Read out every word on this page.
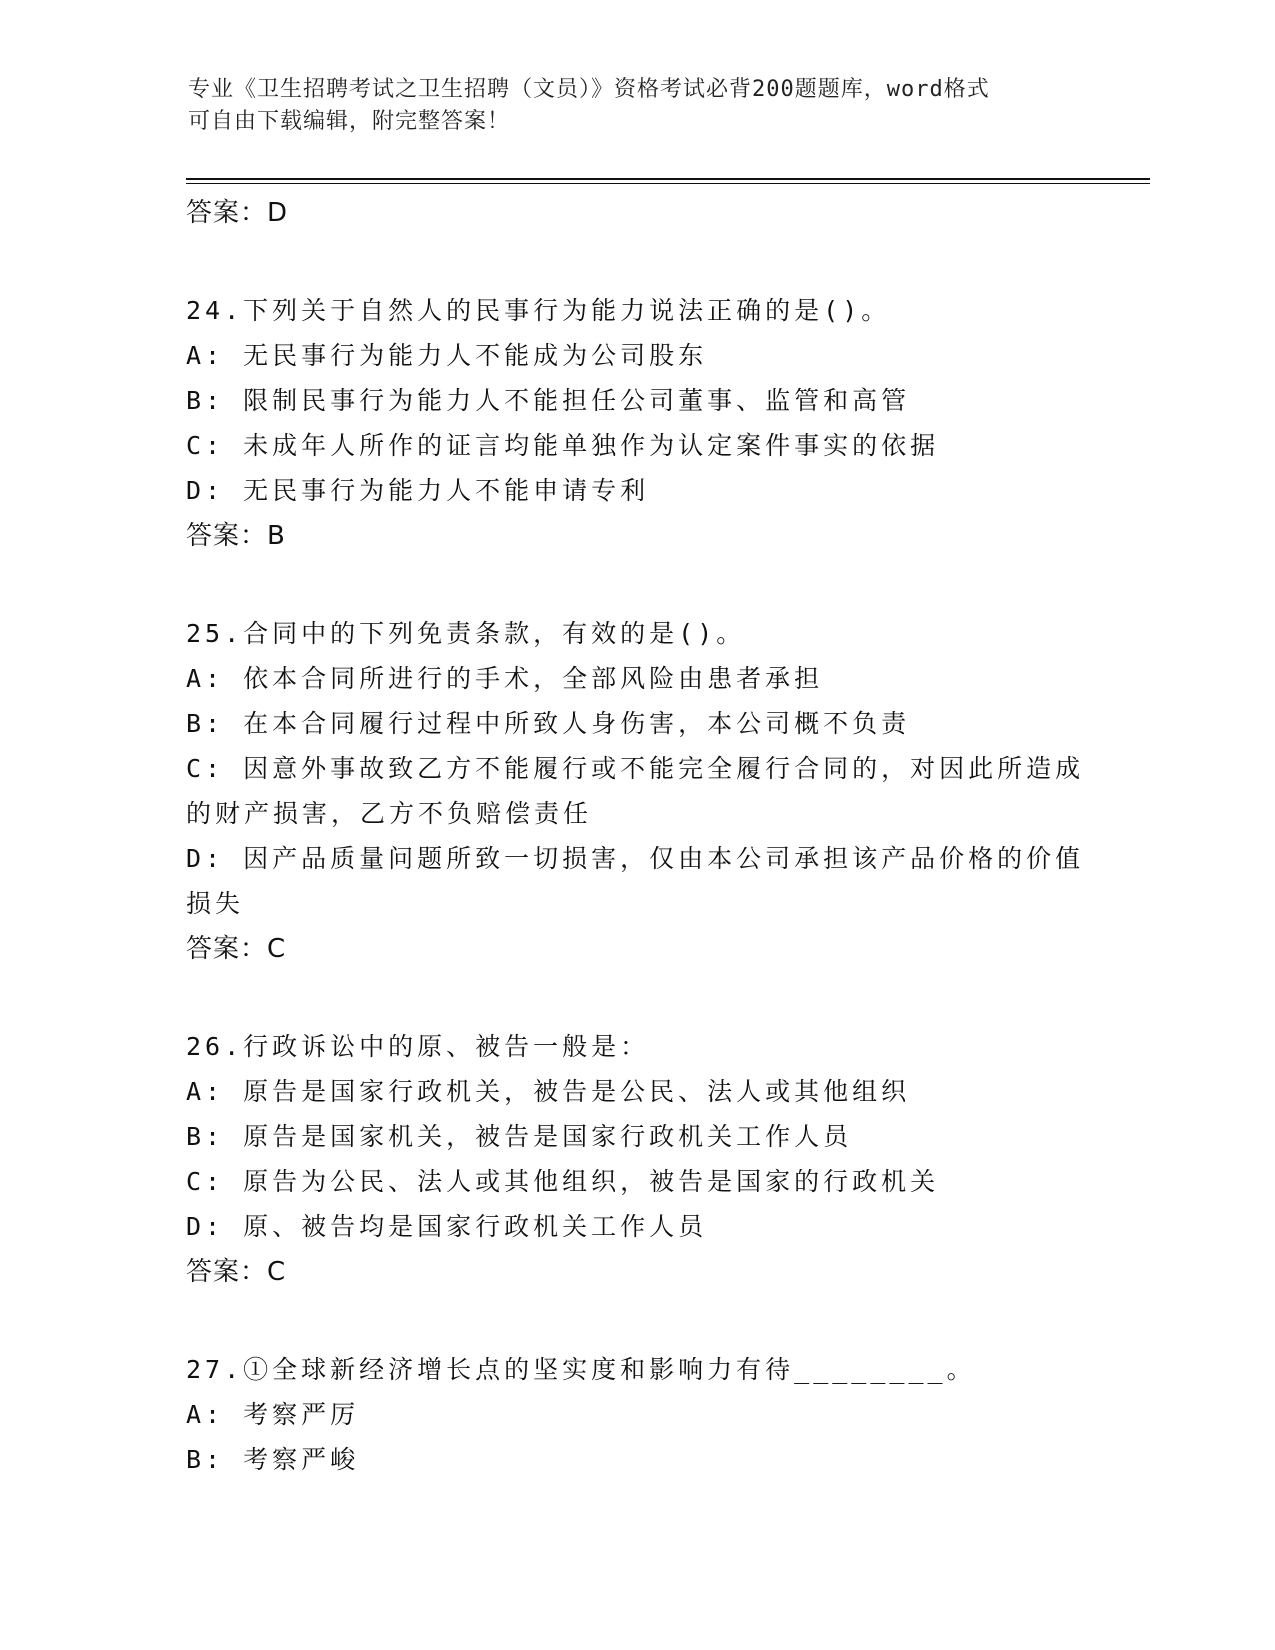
专业《卫生招聘考试之卫生招聘（文员）》资格考试必背200题题库，word格式
可自由下载编辑，附完整答案！
答案：D
24.下列关于自然人的民事行为能力说法正确的是()。
A: 无民事行为能力人不能成为公司股东
B: 限制民事行为能力人不能担任公司董事、监管和高管
C: 未成年人所作的证言均能单独作为认定案件事实的依据
D: 无民事行为能力人不能申请专利
答案：B
25.合同中的下列免责条款，有效的是()。
A: 依本合同所进行的手术，全部风险由患者承担
B: 在本合同履行过程中所致人身伤害，本公司概不负责
C: 因意外事故致乙方不能履行或不能完全履行合同的，对因此所造成的财产损害，乙方不负赔偿责任
D: 因产品质量问题所致一切损害，仅由本公司承担该产品价格的价值损失
答案：C
26.行政诉讼中的原、被告一般是：
A: 原告是国家行政机关，被告是公民、法人或其他组织
B: 原告是国家机关，被告是国家行政机关工作人员
C: 原告为公民、法人或其他组织，被告是国家的行政机关
D: 原、被告均是国家行政机关工作人员
答案：C
27.①全球新经济增长点的坚实度和影响力有待________。
A: 考察严厉
B: 考察严峻
